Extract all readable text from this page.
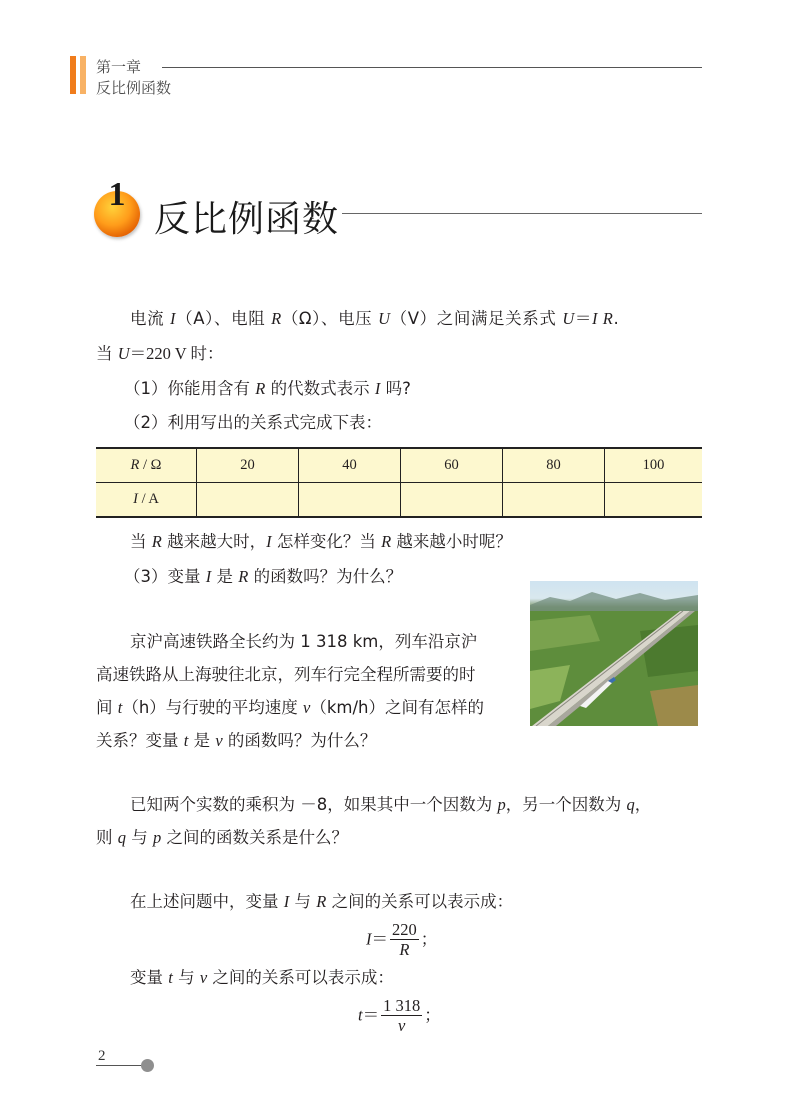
第一章
反比例函数
1
反比例函数
电流 I（A）、电阻 R（Ω）、电压 U（V）之间满足关系式 U＝I R.
当 U＝220 V 时：
（1）你能用含有 R 的代数式表示 I 吗?
（2）利用写出的关系式完成下表：
R / Ω	20	40	60	80	100
I / A					
当 R 越来越大时，I 怎样变化？当 R 越来越小时呢？
（3）变量 I 是 R 的函数吗？为什么？
京沪高速铁路全长约为 1 318 km，列车沿京沪
高速铁路从上海驶往北京，列车行完全程所需要的时
间 t（h）与行驶的平均速度 v（km/h）之间有怎样的
关系？变量 t 是 v 的函数吗？为什么？
已知两个实数的乘积为 －8，如果其中一个因数为 p，另一个因数为 q，
则 q 与 p 之间的函数关系是什么？
在上述问题中，变量 I 与 R 之间的关系可以表示成：
$I= \frac{220}{R}$ ；
变量 t 与 v 之间的关系可以表示成：
$t= \frac{1 318}{v}$ ；
2
